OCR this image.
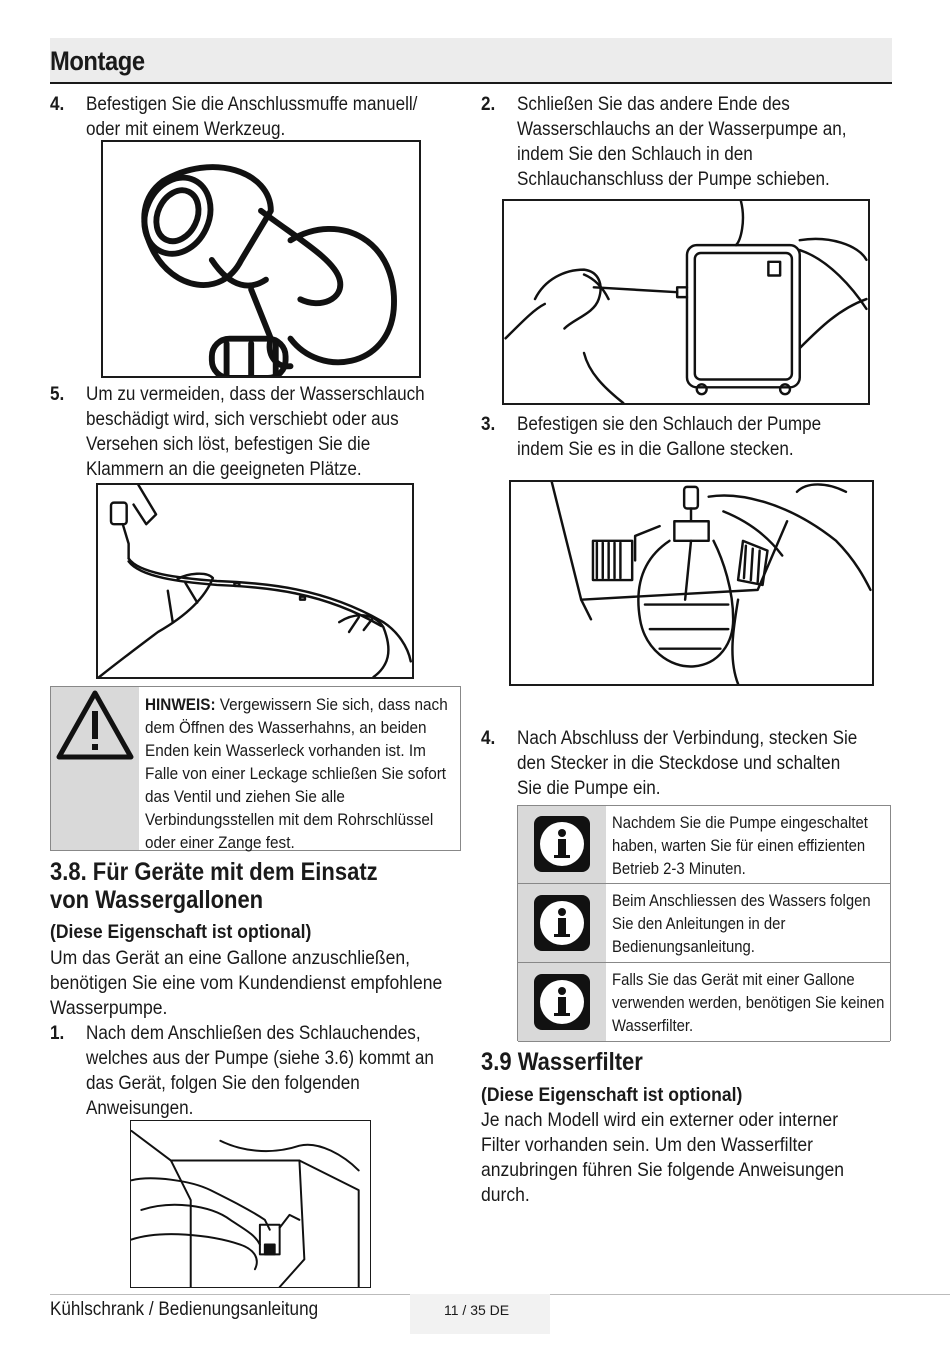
Montage
4. Befestigen Sie die Anschlussmuffe manuell/ oder mit einem Werkzeug.
5. Um zu vermeiden, dass der Wasserschlauch beschädigt wird, sich verschiebt oder aus Versehen sich löst, befestigen Sie die Klammern an die geeigneten Plätze.
HINWEIS: Vergewissern Sie sich, dass nach dem Öffnen des Wasserhahns, an beiden Enden kein Wasserleck vorhanden ist. Im Falle von einer Leckage schließen Sie sofort das Ventil und ziehen Sie alle Verbindungsstellen mit dem Rohrschlüssel oder einer Zange fest.
3.8. Für Geräte mit dem Einsatz
von Wassergallonen
(Diese Eigenschaft ist optional)
Um das Gerät an eine Gallone anzuschließen, benötigen Sie eine vom Kundendienst empfohlene Wasserpumpe.
1. Nach dem Anschließen des Schlauchendes, welches aus der Pumpe (siehe 3.6) kommt an das Gerät, folgen Sie den folgenden Anweisungen.
2. Schließen Sie das andere Ende des Wasserschlauchs an der Wasserpumpe an, indem Sie den Schlauch in den Schlauchanschluss der Pumpe schieben.
3. Befestigen sie den Schlauch der Pumpe indem Sie es in die Gallone stecken.
4. Nach Abschluss der Verbindung, stecken Sie den Stecker in die Steckdose und schalten Sie die Pumpe ein.
Nachdem Sie die Pumpe eingeschaltet haben, warten Sie für einen effizienten Betrieb 2-3 Minuten.
Beim Anschliessen des Wassers folgen Sie den Anleitungen in der Bedienungsanleitung.
Falls Sie das Gerät mit einer Gallone verwenden werden, benötigen Sie keinen Wasserfilter.
3.9 Wasserfilter
(Diese Eigenschaft ist optional)
Je nach Modell wird ein externer oder interner Filter vorhanden sein. Um den Wasserfilter anzubringen führen Sie folgende Anweisungen durch.
Kühlschrank / Bedienungsanleitung	11 / 35 DE
